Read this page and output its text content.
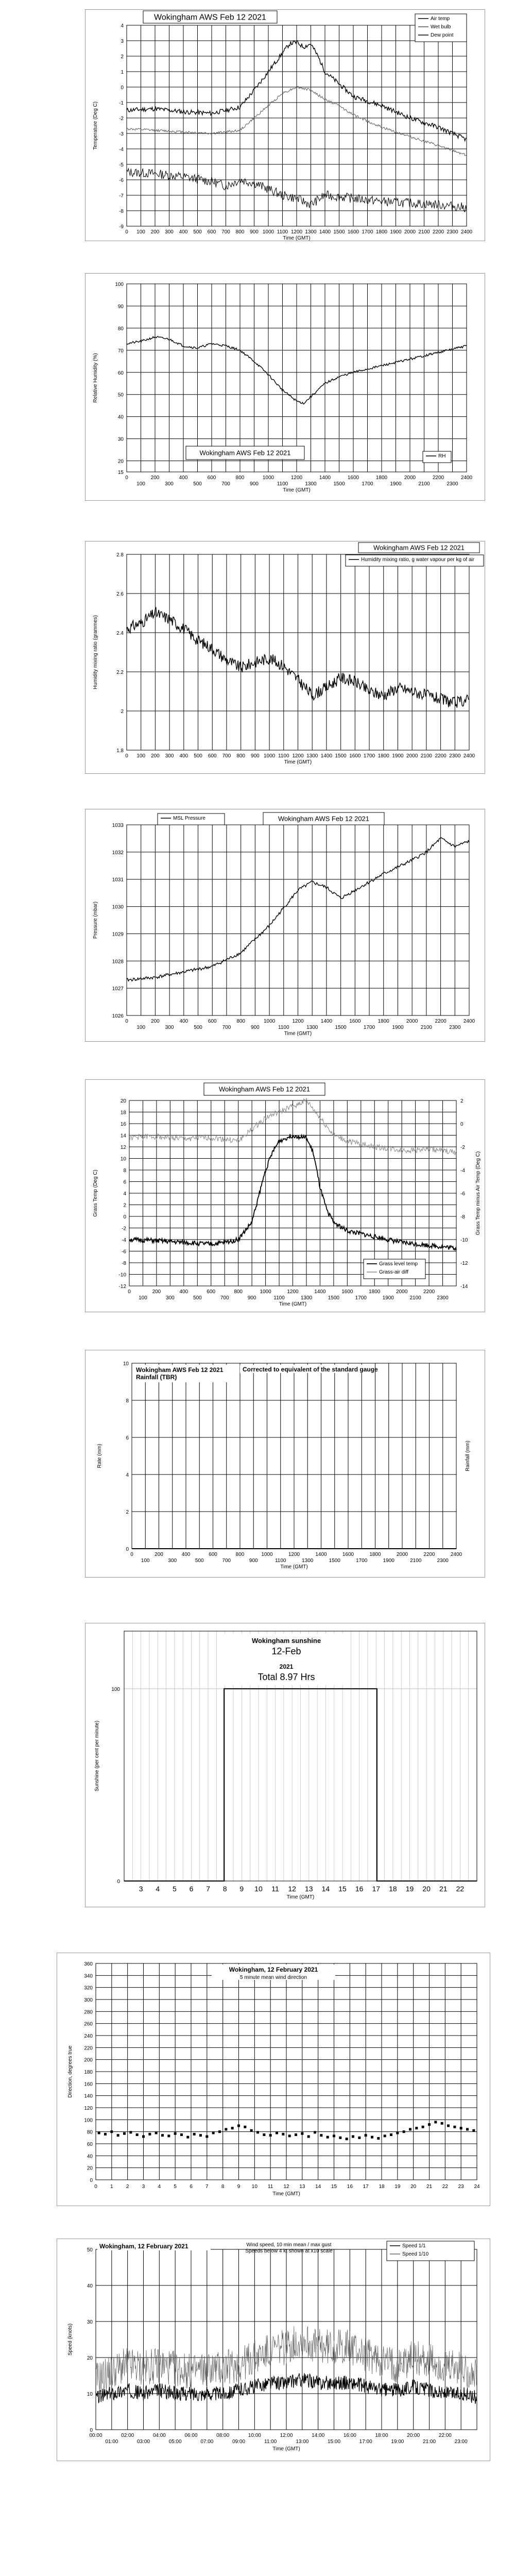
4
3
2
1
0
-1
-2
-3
-4
-5
-6
-7
-8
-9
0 100 200 300 400 500 600 700 800 900 1000 1100 1200 1300 1400 1500 1600 1700 1800 1900 2000 2100 2200 2300 2400
Time (GMT)
Temperature (Deg C)
Wokingham AWS Feb 12 2021	Air temp
Wet bulb
Dew point
100
90
80
70
60
50
40
30
20
15
0	200	400	600	800	1000	1200	1400	1600	1800	2000	2200	2400
100	300	500	700	900	1100	1300	1500	1700	1900	2100	2300
Time (GMT)
Relative Humidity (%)
Wokingham AWS Feb 12 2021	RH
2.8
2.6
2.4
2.2
2
1.8
0 100 200 300 400 500 600 700 800 900 1000 1100 1200 1300 1400 1500 1600 1700 1800 1900 2000 2100 2200 2300 2400
Time (GMT)
Humidity mixing ratio (grammes)
Wokingham AWS Feb 12 2021
Humidity mixing ratio, g water vapour per kg of air
1033
1032
1031
1030
1029
1028
1027
1026
0	200	400	600	800	1000	1200	1400	1600	1800	2000	2200	2400
100	300	500	700	900	1100	1300	1500	1700	1900	2100	2300
Time (GMT)
Pressure (mbar)
Wokingham AWS Feb 12 2021
MSL Pressure
20
18
16
14
12
10
8
6
4
2
0
-2
-4
-6
-8
-10
-12
2
0
-2
-4
-6
-8
-10
-12
-14
0	200	400	600	800	1000	1200	1400	1600	1800	2000	2200
100	300	500	700	900	1100	1300	1500	1700	1900	2100	2300
Time (GMT)
Grass Temp (Deg C)	Grass Temp minus Air Temp (Deg C)
Wokingham AWS Feb 12 2021
Grass level temp
Grass-air diff
10
8
6
4
2
0
0	200	400	600	800	1000	1200	1400	1600	1800	2000	2200	2400
100	300	500	700	900	1100	1300	1500	1700	1900	2100	2300
Time (GMT)
Rate (mm)	Rainfall (mm)
Wokingham AWS Feb 12 2021
Rainfall (TBR)
Corrected to equivalent of the standard gauge
100
0
3 4 5 6 7 8 9 10 11 12 13 14 15 16 17 18 19 20 21 22
Time (GMT)
Sunshine (per cent per minute)
Wokingham sunshine
12-Feb
2021
Total 8.97 Hrs
360
340
320
300
280
260
240
220
200
180
160
140
120
100
80
60
40
20
0
0	1	2	3	4	5	6	7	8	9 10 11 12 13 14 15 16 17 18 19 20 21 22 23 24
Time (GMT)
Direction, degrees true
Wokingham, 12 February 2021
5 minute mean wind direction
50
40
30
20
10
0
00:00	02:00	04:00	06:00	08:00	10:00	12:00	14:00	16:00	18:00	20:00	22:00
01:00	03:00	05:00	07:00	09:00	11:00	13:00	15:00	17:00	19:00	21:00	23:00
Time (GMT)
Speed (knots)
Wokingham, 12 February 2021	Wind speed, 10 min mean / max gust
Speeds below 4 kt shown at x10 scale
Speed 1/1
Speed 1/10
